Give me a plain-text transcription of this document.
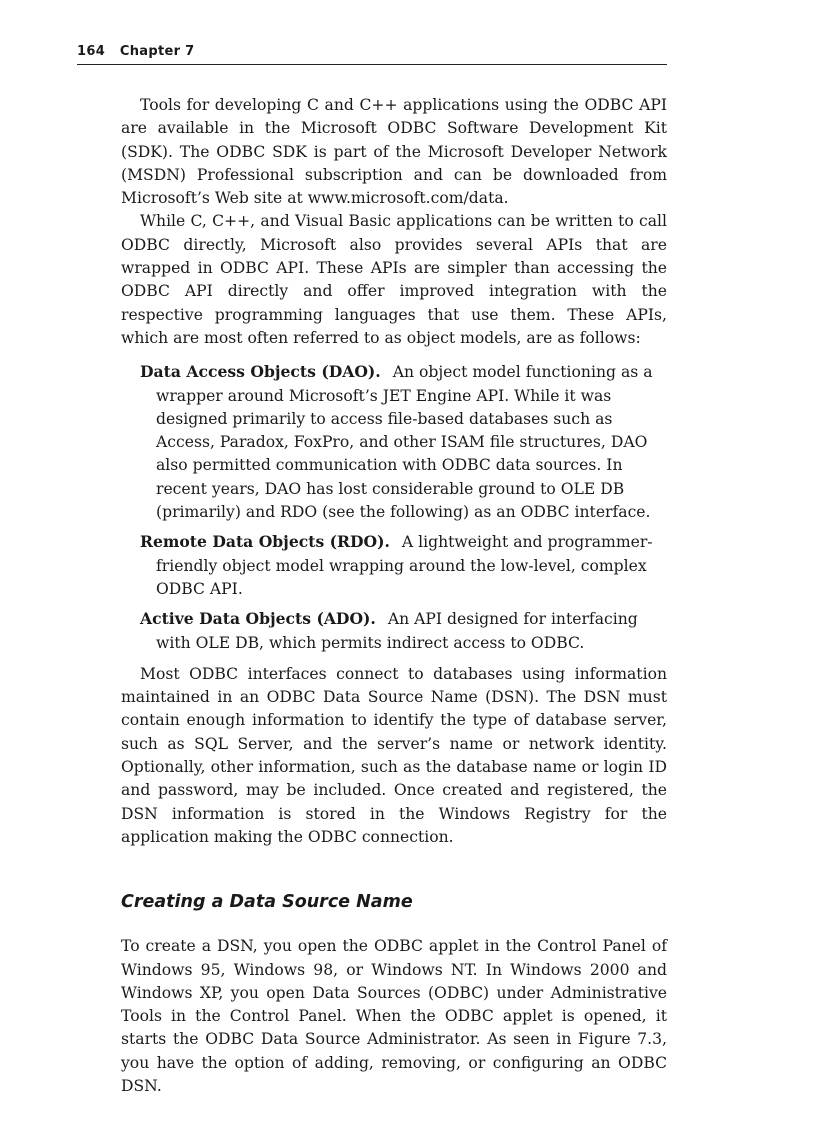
164 Chapter 7

Tools for developing C and C++ applications using the ODBC API are available in the Microsoft ODBC Software Development Kit (SDK). The ODBC SDK is part of the Microsoft Developer Network (MSDN) Professional subscription and can be downloaded from Microsoft’s Web site at www.microsoft.com/data.

While C, C++, and Visual Basic applications can be written to call ODBC directly, Microsoft also provides several APIs that are wrapped in ODBC API. These APIs are simpler than accessing the ODBC API directly and offer improved integration with the respective programming languages that use them. These APIs, which are most often referred to as object models, are as follows:

Data Access Objects (DAO). An object model functioning as a wrapper around Microsoft’s JET Engine API. While it was designed primarily to access file-based databases such as Access, Paradox, FoxPro, and other ISAM file structures, DAO also permitted communication with ODBC data sources. In recent years, DAO has lost considerable ground to OLE DB (primarily) and RDO (see the following) as an ODBC interface.
Remote Data Objects (RDO). A lightweight and programmer-friendly object model wrapping around the low-level, complex ODBC API.
Active Data Objects (ADO). An API designed for interfacing with OLE DB, which permits indirect access to ODBC.

Most ODBC interfaces connect to databases using information maintained in an ODBC Data Source Name (DSN). The DSN must contain enough information to identify the type of database server, such as SQL Server, and the server’s name or network identity. Optionally, other information, such as the database name or login ID and password, may be included. Once created and registered, the DSN information is stored in the Windows Registry for the application making the ODBC connection.

Creating a Data Source Name

To create a DSN, you open the ODBC applet in the Control Panel of Windows 95, Windows 98, or Windows NT. In Windows 2000 and Windows XP, you open Data Sources (ODBC) under Administrative Tools in the Control Panel. When the ODBC applet is opened, it starts the ODBC Data Source Administrator. As seen in Figure 7.3, you have the option of adding, removing, or configuring an ODBC DSN.
